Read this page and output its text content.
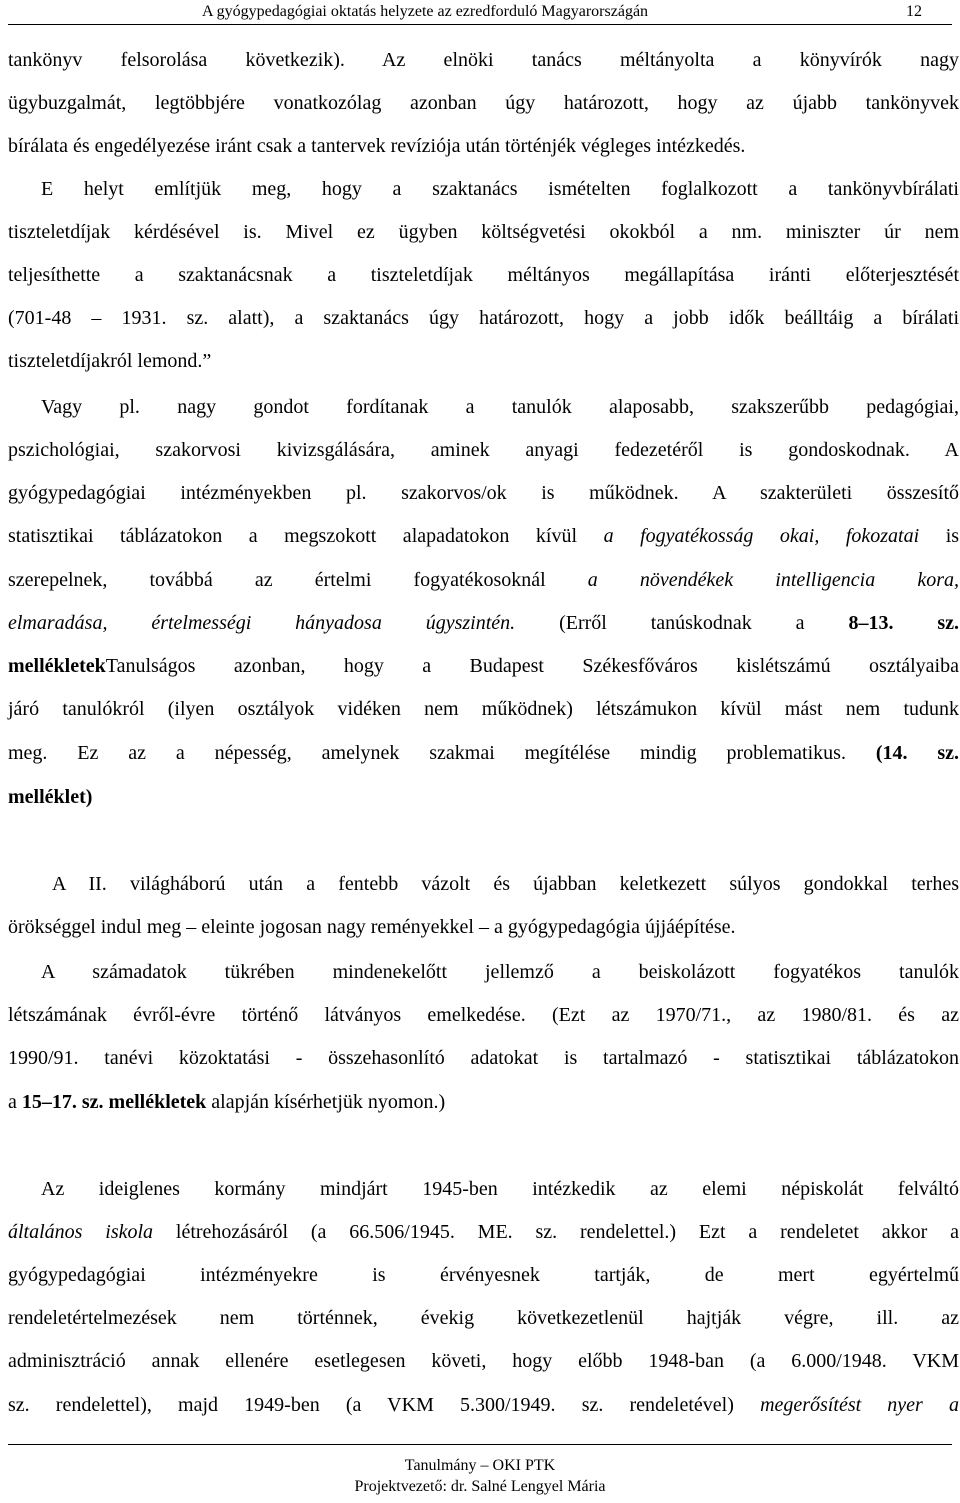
A gyógypedagógiai oktatás helyzete az ezredforduló Magyarországán	12
tankönyv felsorolása következik). Az elnöki tanács méltányolta a könyvírók nagy
ügybuzgalmát, legtöbbjére vonatkozólag azonban úgy határozott, hogy az újabb tankönyvek
bírálata és engedélyezése iránt csak a tantervek revíziója után történjék végleges intézkedés.
E helyt említjük meg, hogy a szaktanács ismételten foglalkozott a tankönyvbírálati
tiszteletdíjak kérdésével is. Mivel ez ügyben költségvetési okokból a nm. miniszter úr nem
teljesíthette a szaktanácsnak a tiszteletdíjak méltányos megállapítása iránti előterjesztését
(701-48 – 1931. sz. alatt), a szaktanács úgy határozott, hogy a jobb idők beálltáig a bírálati
tiszteletdíjakról lemond.”
Vagy pl. nagy gondot fordítanak a tanulók alaposabb, szakszerűbb pedagógiai,
pszichológiai, szakorvosi kivizsgálására, aminek anyagi fedezetéről is gondoskodnak. A
gyógypedagógiai intézményekben pl. szakorvos/ok is működnek. A szakterületi összesítő
statisztikai táblázatokon a megszokott alapadatokon kívül a fogyatékosság okai, fokozatai is
szerepelnek, továbbá az értelmi fogyatékosoknál a növendékek intelligencia kora,
elmaradása, értelmességi hányadosa úgyszintén. (Erről tanúskodnak a 8–13. sz.
mellékletekTanulságos azonban, hogy a Budapest Székesfőváros kislétszámú osztályaiba
járó tanulókról (ilyen osztályok vidéken nem működnek) létszámukon kívül mást nem tudunk
meg. Ez az a népesség, amelynek szakmai megítélése mindig problematikus. (14. sz.
melléklet)
A II. világháború után a fentebb vázolt és újabban keletkezett súlyos gondokkal terhes
örökséggel indul meg – eleinte jogosan nagy reményekkel – a gyógypedagógia újjáépítése.
A számadatok tükrében mindenekelőtt jellemző a beiskolázott fogyatékos tanulók
létszámának évről-évre történő látványos emelkedése. (Ezt az 1970/71., az 1980/81. és az
1990/91. tanévi közoktatási - összehasonlító adatokat is tartalmazó - statisztikai táblázatokon
a 15–17. sz. mellékletek alapján kísérhetjük nyomon.)
Az ideiglenes kormány mindjárt 1945-ben intézkedik az elemi népiskolát felváltó
általános iskola létrehozásáról (a 66.506/1945. ME. sz. rendelettel.) Ezt a rendeletet akkor a
gyógypedagógiai intézményekre is érvényesnek tartják, de mert egyértelmű
rendeletértelmezések nem történnek, évekig következetlenül hajtják végre, ill. az
adminisztráció annak ellenére esetlegesen követi, hogy előbb 1948-ban (a 6.000/1948. VKM
sz. rendelettel), majd 1949-ben (a VKM 5.300/1949. sz. rendeletével) megerősítést nyer a
Tanulmány – OKI PTK
Projektvezető: dr. Salné Lengyel Mária
